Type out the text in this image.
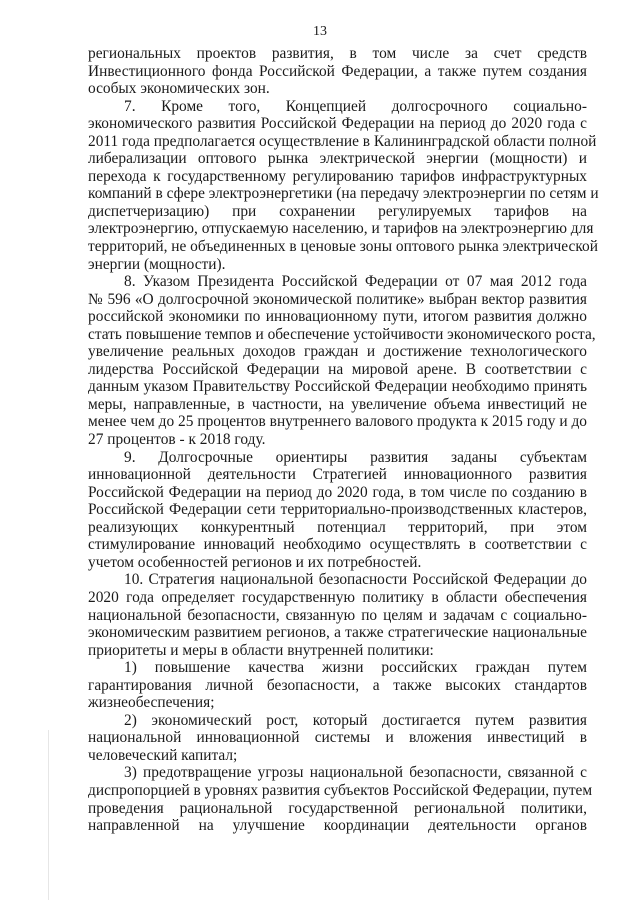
13
региональных проектов развития, в том числе за счет средств
Инвестиционного фонда Российской Федерации, а также путем создания
особых экономических зон.
7. Кроме того, Концепцией долгосрочного социально-
экономического развития Российской Федерации на период до 2020 года с
2011 года предполагается осуществление в Калининградской области полной
либерализации оптового рынка электрической энергии (мощности) и
перехода к государственному регулированию тарифов инфраструктурных
компаний в сфере электроэнергетики (на передачу электроэнергии по сетям и
диспетчеризацию) при сохранении регулируемых тарифов на
электроэнергию, отпускаемую населению, и тарифов на электроэнергию для
территорий, не объединенных в ценовые зоны оптового рынка электрической
энергии (мощности).
8. Указом Президента Российской Федерации от 07 мая 2012 года
№ 596 «О долгосрочной экономической политике» выбран вектор развития
российской экономики по инновационному пути, итогом развития должно
стать повышение темпов и обеспечение устойчивости экономического роста,
увеличение реальных доходов граждан и достижение технологического
лидерства Российской Федерации на мировой арене. В соответствии с
данным указом Правительству Российской Федерации необходимо принять
меры, направленные, в частности, на увеличение объема инвестиций не
менее чем до 25 процентов внутреннего валового продукта к 2015 году и до
27 процентов - к 2018 году.
9. Долгосрочные ориентиры развития заданы субъектам
инновационной деятельности Стратегией инновационного развития
Российской Федерации на период до 2020 года, в том числе по созданию в
Российской Федерации сети территориально-производственных кластеров,
реализующих конкурентный потенциал территорий, при этом
стимулирование инноваций необходимо осуществлять в соответствии с
учетом особенностей регионов и их потребностей.
10. Стратегия национальной безопасности Российской Федерации до
2020 года определяет государственную политику в области обеспечения
национальной безопасности, связанную по целям и задачам с социально-
экономическим развитием регионов, а также стратегические национальные
приоритеты и меры в области внутренней политики:
1) повышение качества жизни российских граждан путем
гарантирования личной безопасности, а также высоких стандартов
жизнеобеспечения;
2) экономический рост, который достигается путем развития
национальной инновационной системы и вложения инвестиций в
человеческий капитал;
3) предотвращение угрозы национальной безопасности, связанной с
диспропорцией в уровнях развития субъектов Российской Федерации, путем
проведения рациональной государственной региональной политики,
направленной на улучшение координации деятельности органов
